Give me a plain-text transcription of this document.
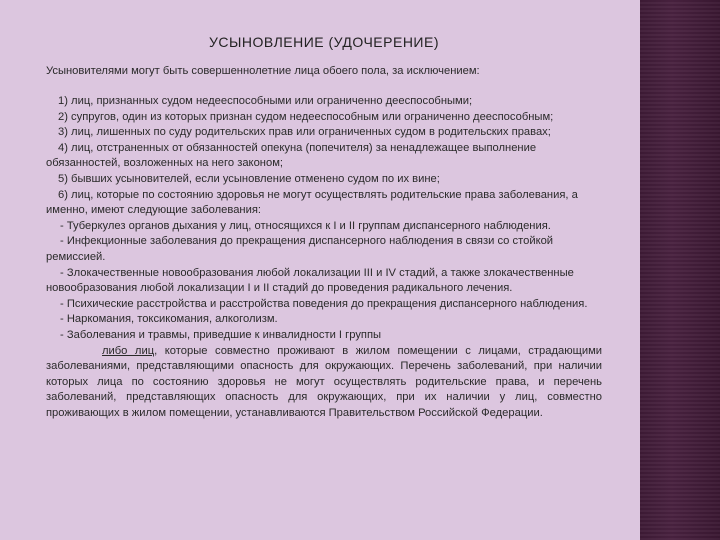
УСЫНОВЛЕНИЕ (УДОЧЕРЕНИЕ)

Усыновителями могут быть совершеннолетние лица обоего пола, за исключением:

1) лиц, признанных судом недееспособными или ограниченно дееспособными;

2) супругов, один из которых признан судом недееспособным или ограниченно дееспособным;

3) лиц, лишенных по суду родительских прав или ограниченных судом в родительских правах;

4) лиц, отстраненных от обязанностей опекуна (попечителя) за ненадлежащее выполнение обязанностей, возложенных на него законом;

5) бывших усыновителей, если усыновление отменено судом по их вине;

6) лиц, которые по состоянию здоровья не могут осуществлять родительские права заболевания, а именно, имеют следующие заболевания:

- Туберкулез органов дыхания у лиц, относящихся к I и II группам диспансерного наблюдения.

- Инфекционные заболевания до прекращения диспансерного наблюдения в связи со стойкой ремиссией.

- Злокачественные новообразования любой локализации III и IV стадий, а также злокачественные новообразования любой локализации I и II стадий до проведения радикального лечения.

- Психические расстройства и расстройства поведения до прекращения диспансерного наблюдения.

- Наркомания, токсикомания, алкоголизм.

- Заболевания и травмы, приведшие к инвалидности I группы

либо лиц, которые совместно проживают в жилом помещении с лицами, страдающими заболеваниями, представляющими опасность для окружающих. Перечень заболеваний, при наличии которых лица по состоянию здоровья не могут осуществлять родительские права, и перечень заболеваний, представляющих опасность для окружающих, при их наличии у лиц, совместно проживающих в жилом помещении, устанавливаются Правительством Российской Федерации.
